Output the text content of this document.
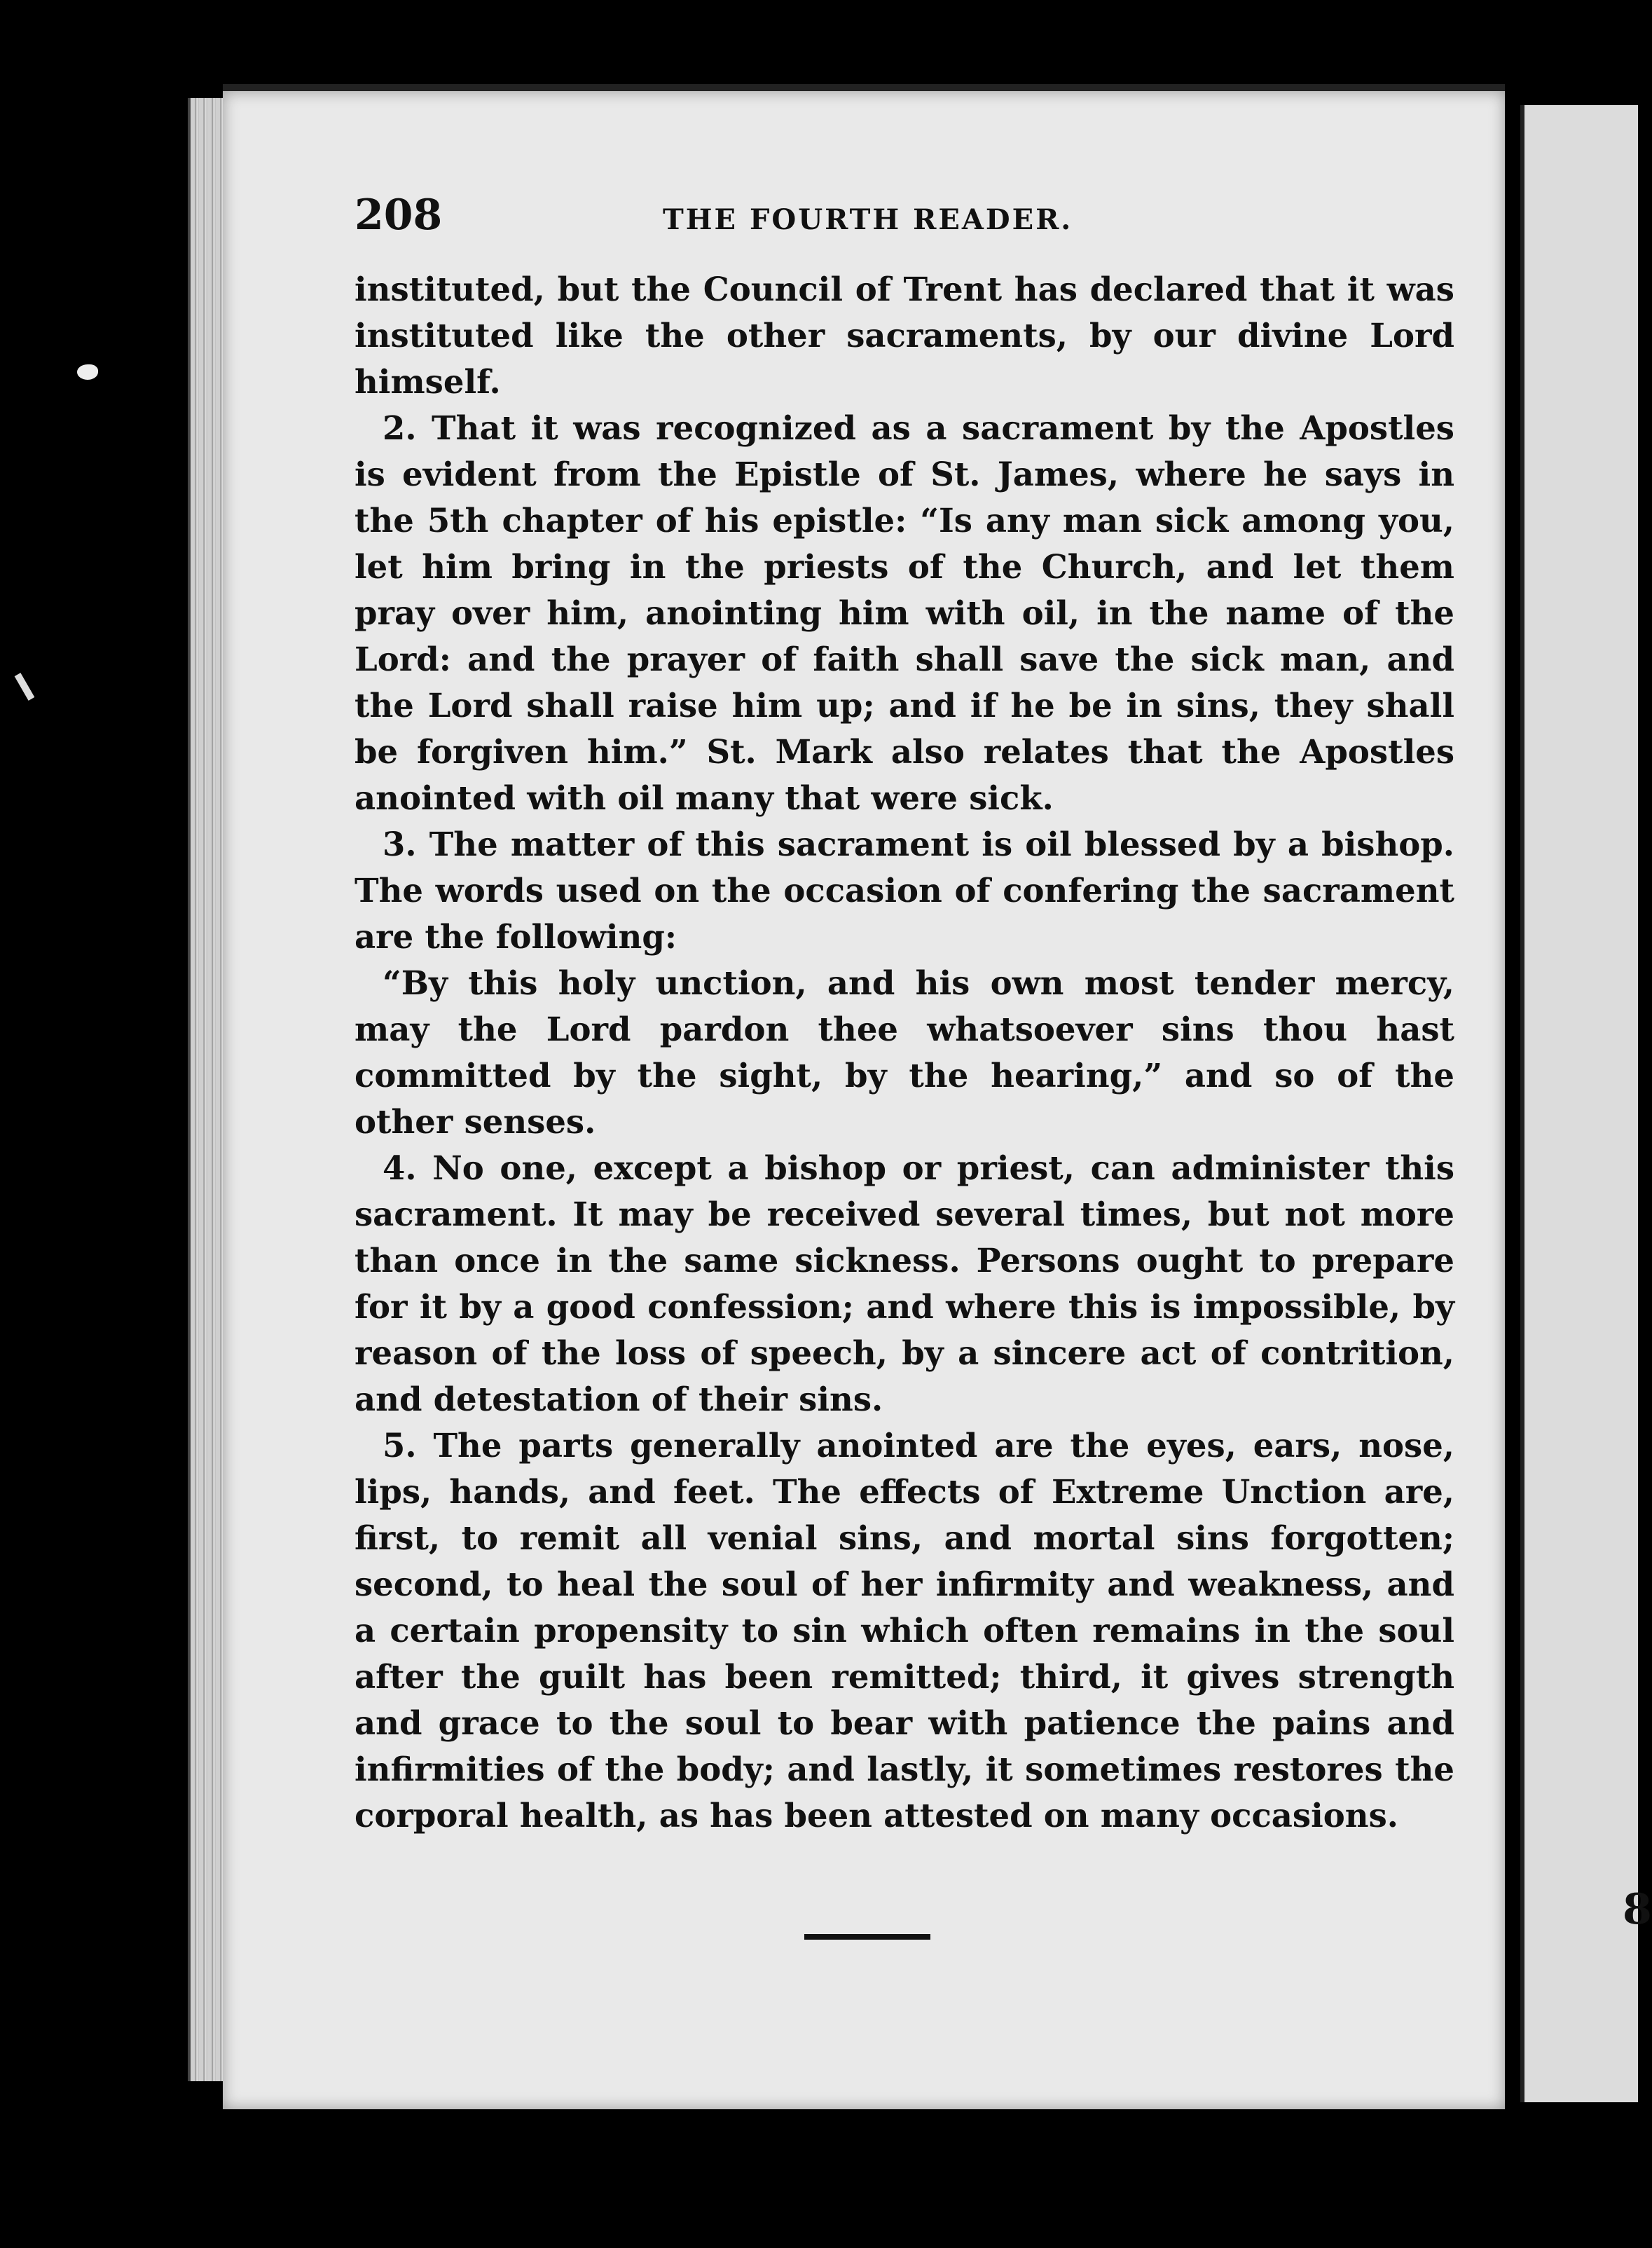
208	THE FOURTH READER.

instituted, but the Council of Trent has declared that it was instituted like the other sacraments, by our divine Lord himself.

2. That it was recognized as a sacrament by the Apostles is evident from the Epistle of St. James, where he says in the 5th chapter of his epistle: “Is any man sick among you, let him bring in the priests of the Church, and let them pray over him, anointing him with oil, in the name of the Lord: and the prayer of faith shall save the sick man, and the Lord shall raise him up; and if he be in sins, they shall be forgiven him.” St. Mark also relates that the Apostles anointed with oil many that were sick.

3. The matter of this sacrament is oil blessed by a bishop. The words used on the occasion of confering the sacrament are the following:

“By this holy unction, and his own most tender mercy, may the Lord pardon thee whatsoever sins thou hast committed by the sight, by the hearing,” and so of the other senses.

4. No one, except a bishop or priest, can administer this sacrament. It may be received several times, but not more than once in the same sickness. Persons ought to prepare for it by a good confession; and where this is impossible, by reason of the loss of speech, by a sincere act of contrition, and detestation of their sins.

5. The parts generally anointed are the eyes, ears, nose, lips, hands, and feet. The effects of Extreme Unction are, first, to remit all venial sins, and mortal sins forgotten; second, to heal the soul of her infirmity and weakness, and a certain propensity to sin which often remains in the soul after the guilt has been remitted; third, it gives strength and grace to the soul to bear with patience the pains and infirmities of the body; and lastly, it sometimes restores the corporal health, as has been attested on many occasions.

8
